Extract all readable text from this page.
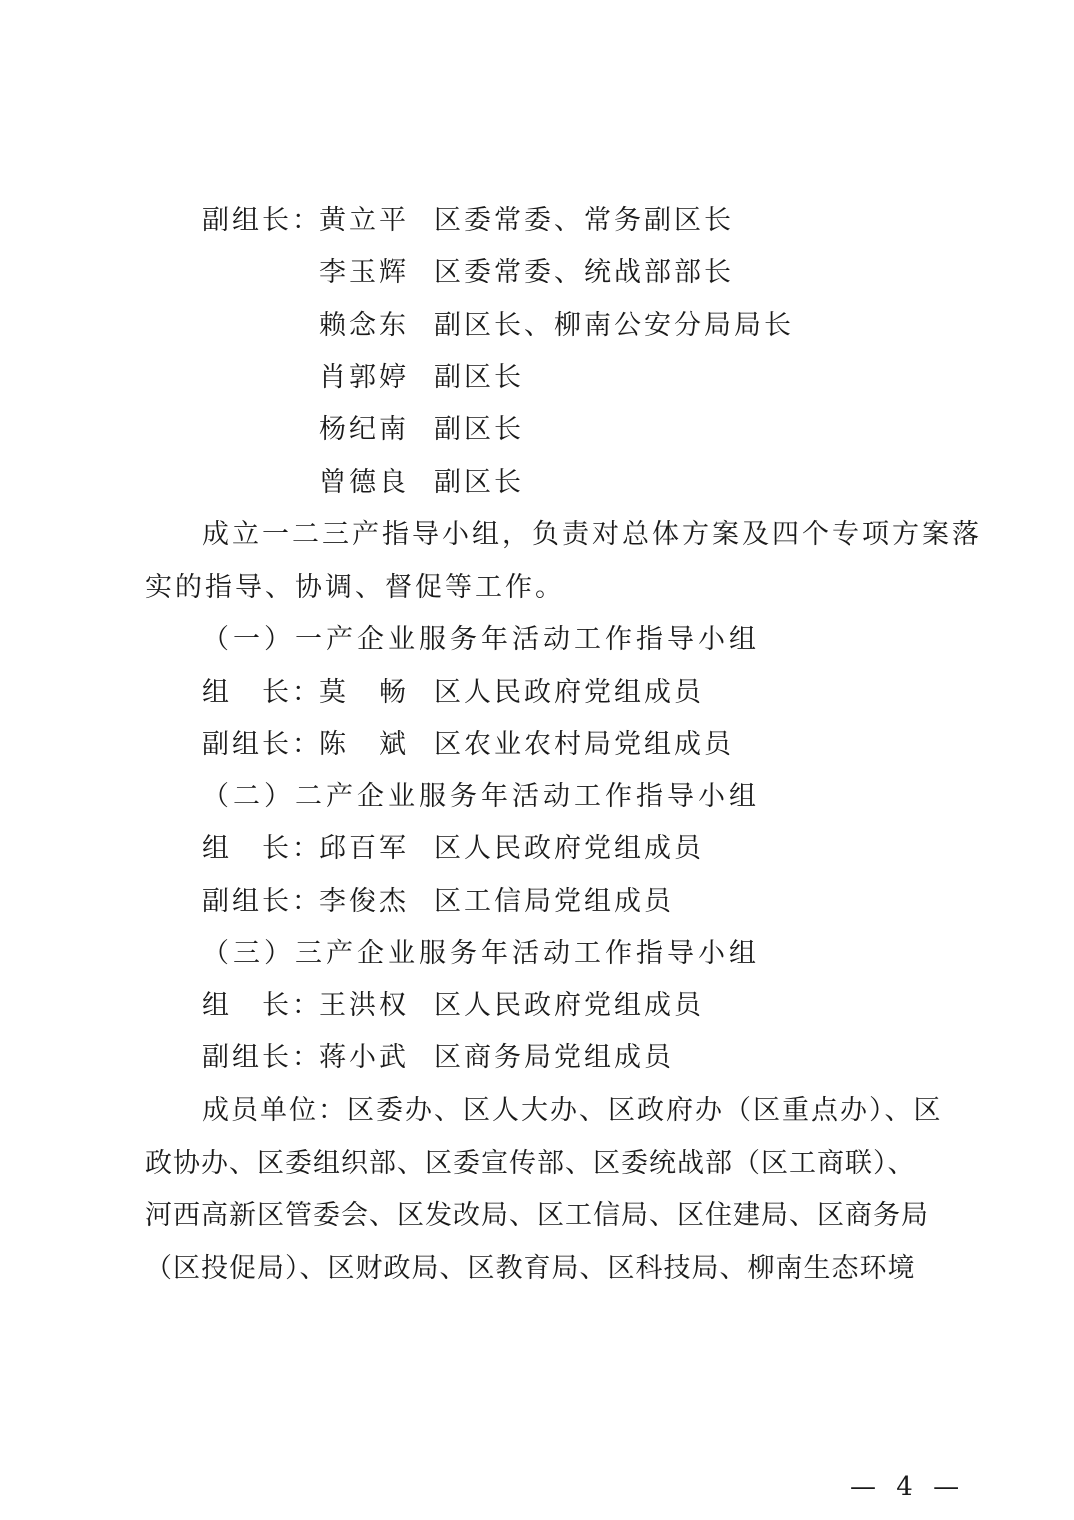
副组长：黄立平 区委常委、常务副区长
李玉辉 区委常委、统战部部长
赖念东 副区长、柳南公安分局局长
肖郭婷 副区长
杨纪南 副区长
曾德良 副区长
成立一二三产指导小组，负责对总体方案及四个专项方案落
实的指导、协调、督促等工作。
（一）一产企业服务年活动工作指导小组
组　长：莫　畅 区人民政府党组成员
副组长：陈　斌 区农业农村局党组成员
（二）二产企业服务年活动工作指导小组
组　长：邱百军 区人民政府党组成员
副组长：李俊杰 区工信局党组成员
（三）三产企业服务年活动工作指导小组
组　长：王洪权 区人民政府党组成员
副组长：蒋小武 区商务局党组成员
成员单位：区委办、区人大办、区政府办（区重点办）、区
政协办、区委组织部、区委宣传部、区委统战部（区工商联）、
河西高新区管委会、区发改局、区工信局、区住建局、区商务局
（区投促局）、区财政局、区教育局、区科技局、柳南生态环境
— 4 —
